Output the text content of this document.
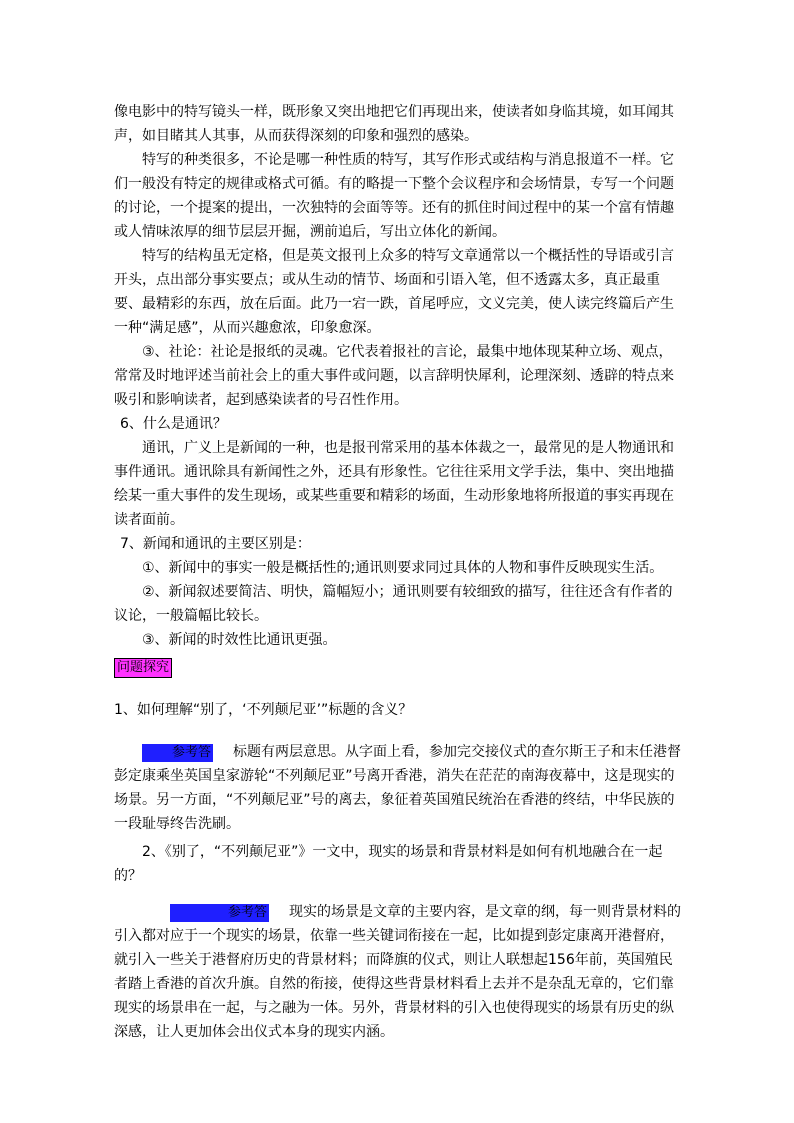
像电影中的特写镜头一样，既形象又突出地把它们再现出来，使读者如身临其境，如耳闻其声，如目睹其人其事，从而获得深刻的印象和强烈的感染。

特写的种类很多，不论是哪一种性质的特写，其写作形式或结构与消息报道不一样。它们一般没有特定的规律或格式可循。有的略提一下整个会议程序和会场情景，专写一个问题的讨论，一个提案的提出，一次独特的会面等等。还有的抓住时间过程中的某一个富有情趣或人情味浓厚的细节层层开掘，溯前追后，写出立体化的新闻。

特写的结构虽无定格，但是英文报刊上众多的特写文章通常以一个概括性的导语或引言开头，点出部分事实要点；或从生动的情节、场面和引语入笔，但不透露太多，真正最重要、最精彩的东西，放在后面。此乃一宕一跌，首尾呼应，文义完美，使人读完终篇后产生一种“满足感”，从而兴趣愈浓，印象愈深。

③、社论：社论是报纸的灵魂。它代表着报社的言论，最集中地体现某种立场、观点，常常及时地评述当前社会上的重大事件或问题，以言辞明快犀利，论理深刻、透辟的特点来吸引和影响读者，起到感染读者的号召性作用。

6、什么是通讯？

通讯，广义上是新闻的一种，也是报刊常采用的基本体裁之一，最常见的是人物通讯和事件通讯。通讯除具有新闻性之外，还具有形象性。它往往采用文学手法，集中、突出地描绘某一重大事件的发生现场，或某些重要和精彩的场面，生动形象地将所报道的事实再现在读者面前。

7、新闻和通讯的主要区别是：

①、新闻中的事实一般是概括性的;通讯则要求同过具体的人物和事件反映现实生活。

②、新闻叙述要简洁、明快，篇幅短小；通讯则要有较细致的描写，往往还含有作者的议论，一般篇幅比较长。

③、新闻的时效性比通讯更强。

问题探究

1、如何理解“别了，‘不列颠尼亚’”标题的含义？

参考答 标题有两层意思。从字面上看，参加完交接仪式的查尔斯王子和末任港督彭定康乘坐英国皇家游轮“不列颠尼亚”号离开香港，消失在茫茫的南海夜幕中，这是现实的场景。另一方面，“不列颠尼亚”号的离去，象征着英国殖民统治在香港的终结，中华民族的一段耻辱终告洗刷。

2、《别了，“不列颠尼亚”》一文中，现实的场景和背景材料是如何有机地融合在一起的？

参考答 现实的场景是文章的主要内容，是文章的纲，每一则背景材料的引入都对应于一个现实的场景，依靠一些关键词衔接在一起，比如提到彭定康离开港督府，就引入一些关于港督府历史的背景材料；而降旗的仪式，则让人联想起156年前，英国殖民者踏上香港的首次升旗。自然的衔接，使得这些背景材料看上去并不是杂乱无章的，它们靠现实的场景串在一起，与之融为一体。另外，背景材料的引入也使得现实的场景有历史的纵深感，让人更加体会出仪式本身的现实内涵。
